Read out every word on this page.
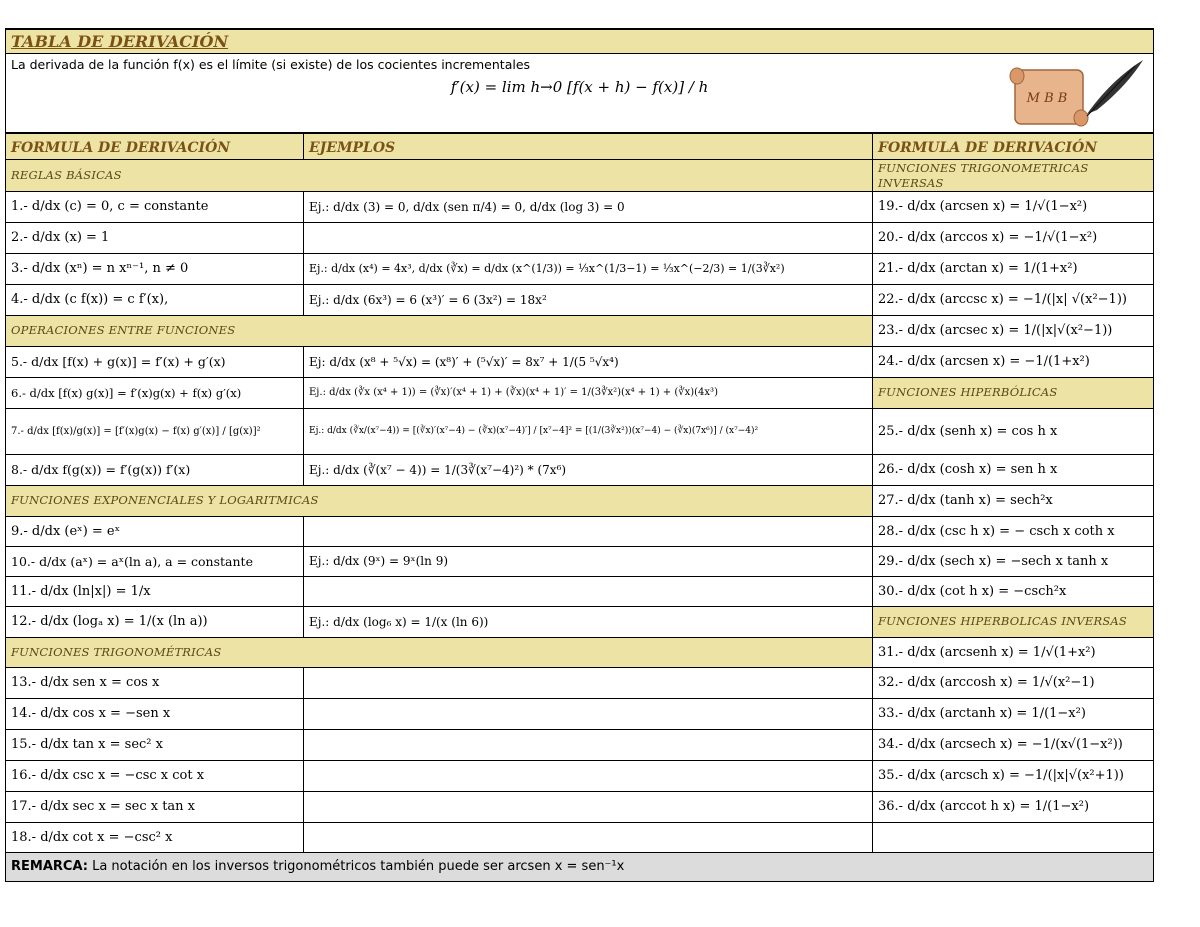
TABLA DE DERIVACIÓN		

La derivada de la función f(x) es el límite (si existe) de los cocientes incrementales
f′(x) = lim h→0 [f(x + h) − f(x)] / h
M B B		

FORMULA DE DERIVACIÓN	EJEMPLOS	FORMULA DE DERIVACIÓN
REGLAS BÁSICAS		FUNCIONES TRIGONOMETRICAS INVERSAS
1.- d/dx (c) = 0, c = constante	Ej.: d/dx (3) = 0, d/dx (sen π/4) = 0, d/dx (log 3) = 0	19.- d/dx (arcsen x) = 1/√(1−x²)
2.- d/dx (x) = 1		20.- d/dx (arccos x) = −1/√(1−x²)
3.- d/dx (xⁿ) = n xⁿ⁻¹, n ≠ 0	Ej.: d/dx (x⁴) = 4x³, d/dx (∛x) = d/dx (x^(1/3)) = ⅓x^(1/3−1) = ⅓x^(−2/3) = 1/(3∛x²)	21.- d/dx (arctan x) = 1/(1+x²)
4.- d/dx (c f(x)) = c f′(x),	Ej.: d/dx (6x³) = 6 (x³)′ = 6 (3x²) = 18x²	22.- d/dx (arccsc x) = −1/(|x| √(x²−1))
OPERACIONES ENTRE FUNCIONES		23.- d/dx (arcsec x) = 1/(|x|√(x²−1))
5.- d/dx [f(x) + g(x)] = f′(x) + g′(x)	Ej: d/dx (x⁸ + ⁵√x) = (x⁸)′ + (⁵√x)′ = 8x⁷ + 1/(5 ⁵√x⁴)	24.- d/dx (arcsen x) = −1/(1+x²)
6.- d/dx [f(x) g(x)] = f′(x)g(x) + f(x) g′(x)	Ej.: d/dx (∛x (x⁴ + 1)) = (∛x)′(x⁴ + 1) + (∛x)(x⁴ + 1)′ = 1/(3∛x²)(x⁴ + 1) + (∛x)(4x³)	FUNCIONES HIPERBÓLICAS
7.- d/dx [f(x)/g(x)] = [f′(x)g(x) − f(x) g′(x)] / [g(x)]²	Ej.: d/dx (∛x/(x⁷−4)) = [(∛x)′(x⁷−4) − (∛x)(x⁷−4)′] / [x⁷−4]² = [(1/(3∛x²))(x⁷−4) − (∛x)(7x⁶)] / (x⁷−4)²	25.- d/dx (senh x) = cos h x
8.- d/dx f(g(x)) = f′(g(x)) f′(x)	Ej.: d/dx (∛(x⁷ − 4)) = 1/(3∛(x⁷−4)²) * (7x⁶)	26.- d/dx (cosh x) = sen h x
FUNCIONES EXPONENCIALES Y LOGARITMICAS		27.- d/dx (tanh x) = sech²x
9.- d/dx (eˣ) = eˣ		28.- d/dx (csc h x) = − csch x coth x
10.- d/dx (aˣ) = aˣ(ln a), a = constante	Ej.: d/dx (9ˣ) = 9ˣ(ln 9)	29.- d/dx (sech x) = −sech x tanh x
11.- d/dx (ln|x|) = 1/x		30.- d/dx (cot h x) = −csch²x
12.- d/dx (logₐ x) = 1/(x (ln a))	Ej.: d/dx (log₆ x) = 1/(x (ln 6))	FUNCIONES HIPERBOLICAS INVERSAS
FUNCIONES TRIGONOMÉTRICAS		31.- d/dx (arcsenh x) = 1/√(1+x²)
13.- d/dx sen x = cos x		32.- d/dx (arccosh x) = 1/√(x²−1)
14.- d/dx cos x = −sen x		33.- d/dx (arctanh x) = 1/(1−x²)
15.- d/dx tan x = sec² x		34.- d/dx (arcsech x) = −1/(x√(1−x²))
16.- d/dx csc x = −csc x cot x		35.- d/dx (arcsch x) = −1/(|x|√(x²+1))
17.- d/dx sec x = sec x tan x		36.- d/dx (arccot h x) = 1/(1−x²)
18.- d/dx cot x = −csc² x		
REMARCA: La notación en los inversos trigonométricos también puede ser arcsen x = sen⁻¹x		
